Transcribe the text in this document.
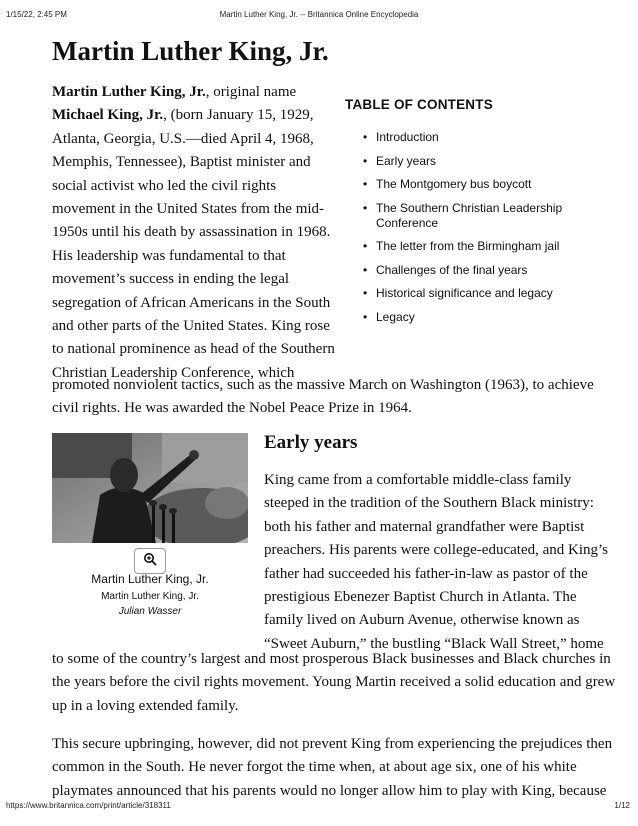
1/15/22, 2:45 PM	Martin Luther King, Jr. -- Britannica Online Encyclopedia
Martin Luther King, Jr.

Martin Luther King, Jr., original name
Michael King, Jr., (born January 15, 1929,
Atlanta, Georgia, U.S.—died April 4, 1968,
Memphis, Tennessee), Baptist minister and
social activist who led the civil rights
movement in the United States from the mid-
1950s until his death by assassination in 1968.
His leadership was fundamental to that
movement’s success in ending the legal
segregation of African Americans in the South
and other parts of the United States. King rose
to national prominence as head of the Southern
Christian Leadership Conference, which

TABLE OF CONTENTS
• Introduction
• Early years
• The Montgomery bus boycott
• The Southern Christian Leadership Conference
• The letter from the Birmingham jail
• Challenges of the final years
• Historical significance and legacy
• Legacy

promoted nonviolent tactics, such as the massive March on Washington (1963), to achieve
civil rights. He was awarded the Nobel Peace Prize in 1964.

Martin Luther King, Jr.
Martin Luther King, Jr.
Julian Wasser
Early years

King came from a comfortable middle-class family
steeped in the tradition of the Southern Black ministry:
both his father and maternal grandfather were Baptist
preachers. His parents were college-educated, and King’s
father had succeeded his father-in-law as pastor of the
prestigious Ebenezer Baptist Church in Atlanta. The
family lived on Auburn Avenue, otherwise known as
“Sweet Auburn,” the bustling “Black Wall Street,” home

to some of the country’s largest and most prosperous Black businesses and Black churches in
the years before the civil rights movement. Young Martin received a solid education and grew
up in a loving extended family.

This secure upbringing, however, did not prevent King from experiencing the prejudices then
common in the South. He never forgot the time when, at about age six, one of his white
playmates announced that his parents would no longer allow him to play with King, because

https://www.britannica.com/print/article/318311	1/12
